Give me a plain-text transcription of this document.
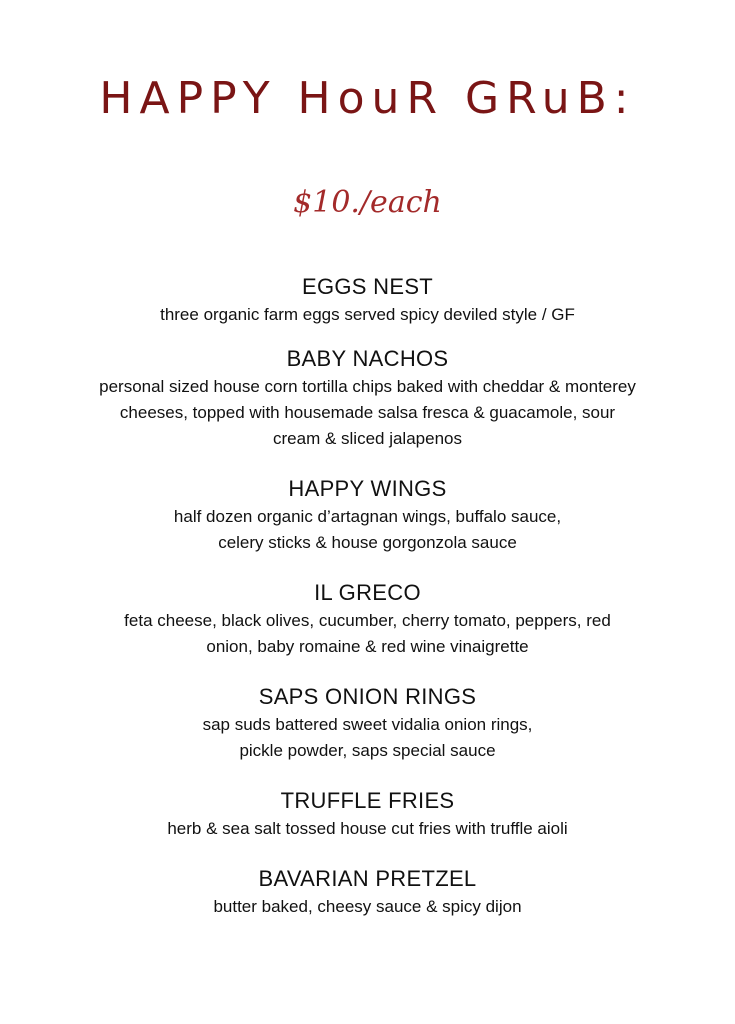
HAPPY HouR GRuB:
$10./each
EGGS NEST
three organic farm eggs served spicy deviled style / GF
BABY NACHOS
personal sized house corn tortilla chips baked with cheddar & monterey
cheeses, topped with housemade salsa fresca & guacamole, sour
cream & sliced jalapenos
HAPPY WINGS
half dozen organic d’artagnan wings, buffalo sauce,
celery sticks & house gorgonzola sauce
IL GRECO
feta cheese, black olives, cucumber, cherry tomato, peppers, red
onion, baby romaine & red wine vinaigrette
SAPS ONION RINGS
sap suds battered sweet vidalia onion rings,
pickle powder, saps special sauce
TRUFFLE FRIES
herb & sea salt tossed house cut fries with truffle aioli
BAVARIAN PRETZEL
butter baked, cheesy sauce & spicy dijon
